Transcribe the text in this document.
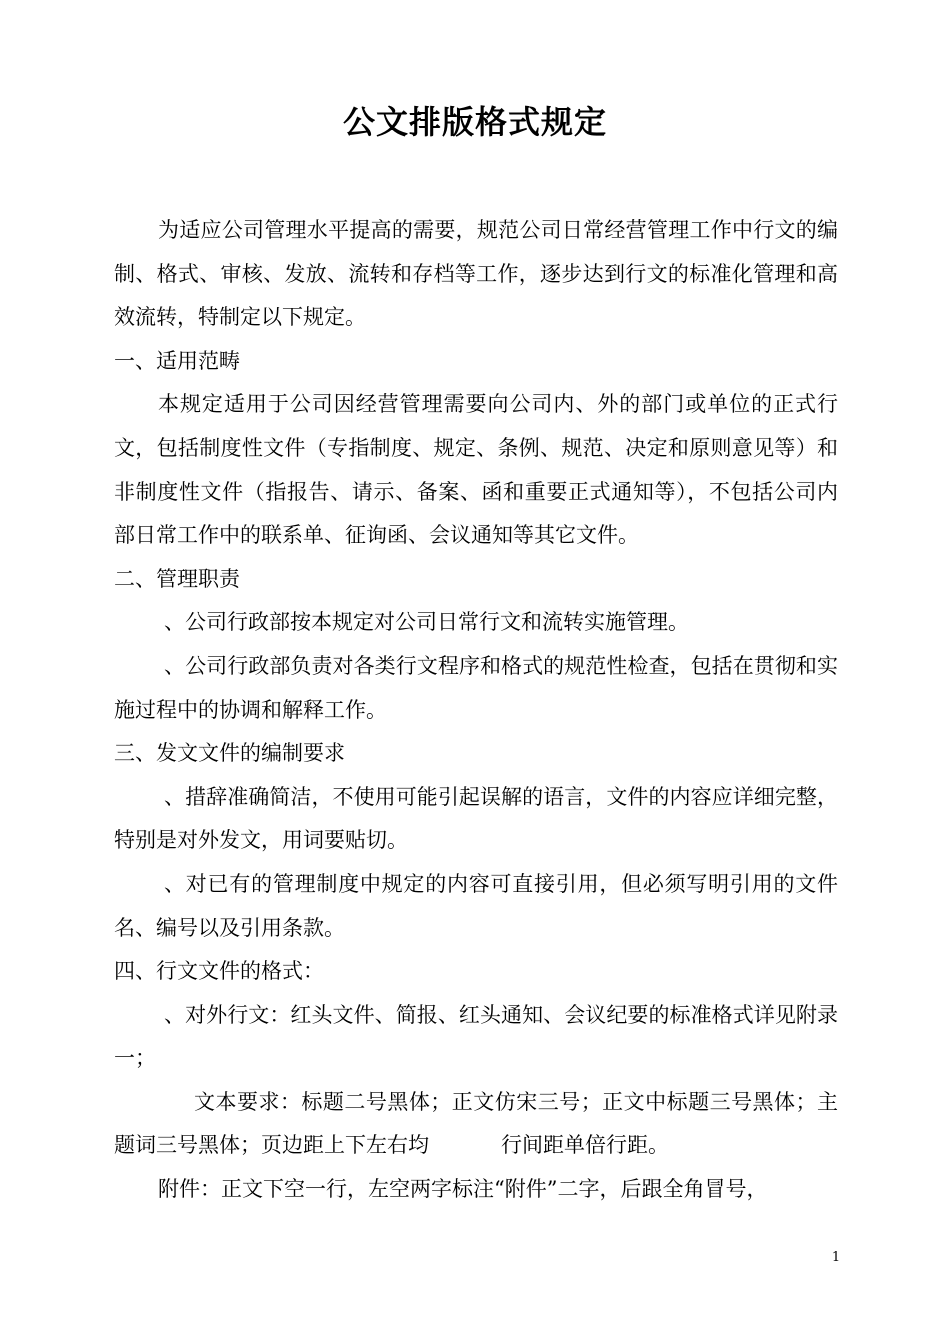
公文排版格式规定

为适应公司管理水平提高的需要，规范公司日常经营管理工作中行文的编制、格式、审核、发放、流转和存档等工作，逐步达到行文的标准化管理和高效流转，特制定以下规定。

一、适用范畴

本规定适用于公司因经营管理需要向公司内、外的部门或单位的正式行文，包括制度性文件（专指制度、规定、条例、规范、决定和原则意见等）和非制度性文件（指报告、请示、备案、函和重要正式通知等），不包括公司内部日常工作中的联系单、征询函、会议通知等其它文件。

二、管理职责

、公司行政部按本规定对公司日常行文和流转实施管理。

、公司行政部负责对各类行文程序和格式的规范性检查，包括在贯彻和实施过程中的协调和解释工作。

三、发文文件的编制要求

、措辞准确简洁，不使用可能引起误解的语言，文件的内容应详细完整，特别是对外发文，用词要贴切。

、对已有的管理制度中规定的内容可直接引用，但必须写明引用的文件名、编号以及引用条款。

四、行文文件的格式：

、对外行文：红头文件、简报、红头通知、会议纪要的标准格式详见附录一；

文本要求：标题二号黑体；正文仿宋三号；正文中标题三号黑体；主题词三号黑体；页边距上下左右均	行间距单倍行距。

附件：正文下空一行，左空两字标注“附件”二字，后跟全角冒号，

1
